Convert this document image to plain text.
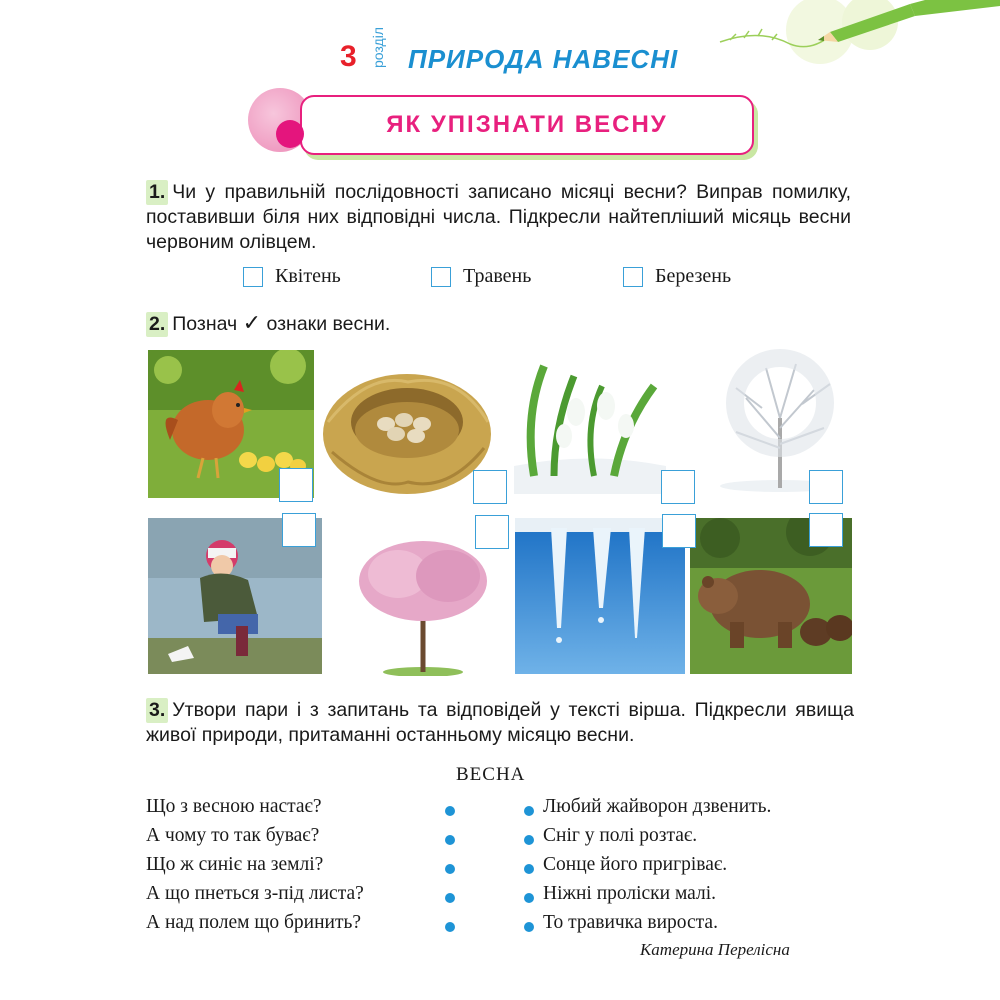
3 розділ ПРИРОДА НАВЕСНІ
ЯК УПІЗНАТИ ВЕСНУ
1. Чи у правильній послідовності записано місяці весни? Виправ помилку, поставивши біля них відповідні числа. Підкресли найтепліший місяць весни червоним олівцем.
Квітень	Травень	Березень
2. Познач ✓ ознаки весни.
3. Утвори пари і з запитань та відповідей у тексті вірша. Підкресли явища живої природи, притаманні останньому місяцю весни.
ВЕСНА
Що з весною настає?
А чому то так буває?
Що ж синіє на землі?
А що пнеться з-під листа?
А над полем що бринить?
Любий жайворон дзвенить.
Сніг у полі розтає.
Сонце його пригріває.
Ніжні проліски малі.
То травичка вироста.
Катерина Перелісна
